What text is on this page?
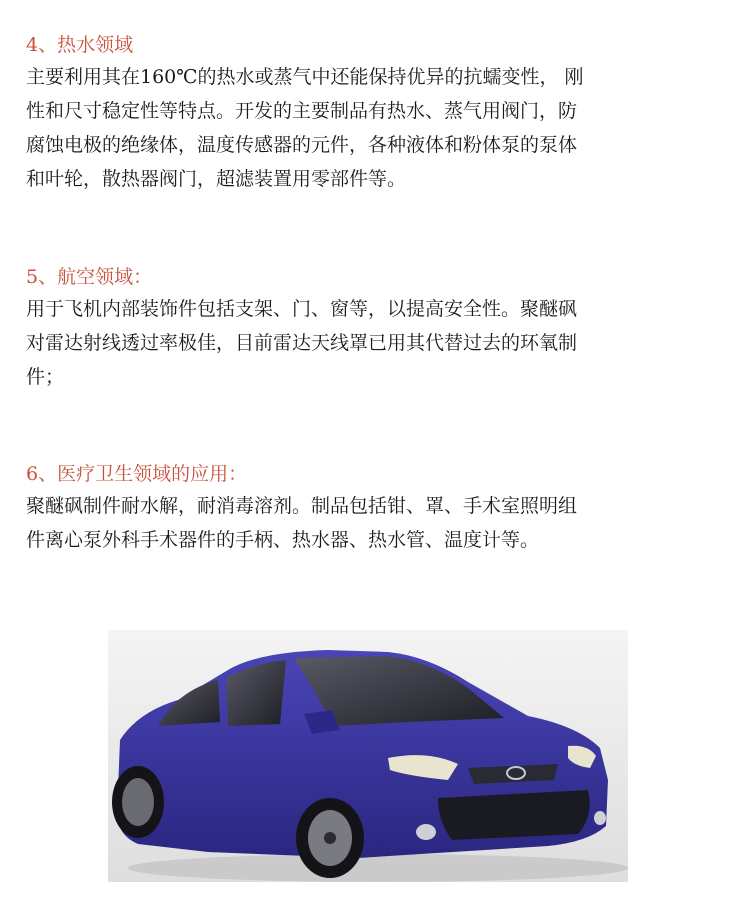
4、热水领域

主要利用其在160℃的热水或蒸气中还能保持优异的抗蠕变性， 刚
性和尺寸稳定性等特点。开发的主要制品有热水、蒸气用阀门，防
腐蚀电极的绝缘体，温度传感器的元件，各种液体和粉体泵的泵体
和叶轮，散热器阀门，超滤装置用零部件等。

5、航空领域：

用于飞机内部装饰件包括支架、门、窗等，以提高安全性。聚醚砜
对雷达射线透过率极佳，目前雷达天线罩已用其代替过去的环氧制
件；

6、医疗卫生领域的应用：

聚醚砜制件耐水解，耐消毒溶剂。制品包括钳、罩、手术室照明组
件离心泵外科手术器件的手柄、热水器、热水管、温度计等。
